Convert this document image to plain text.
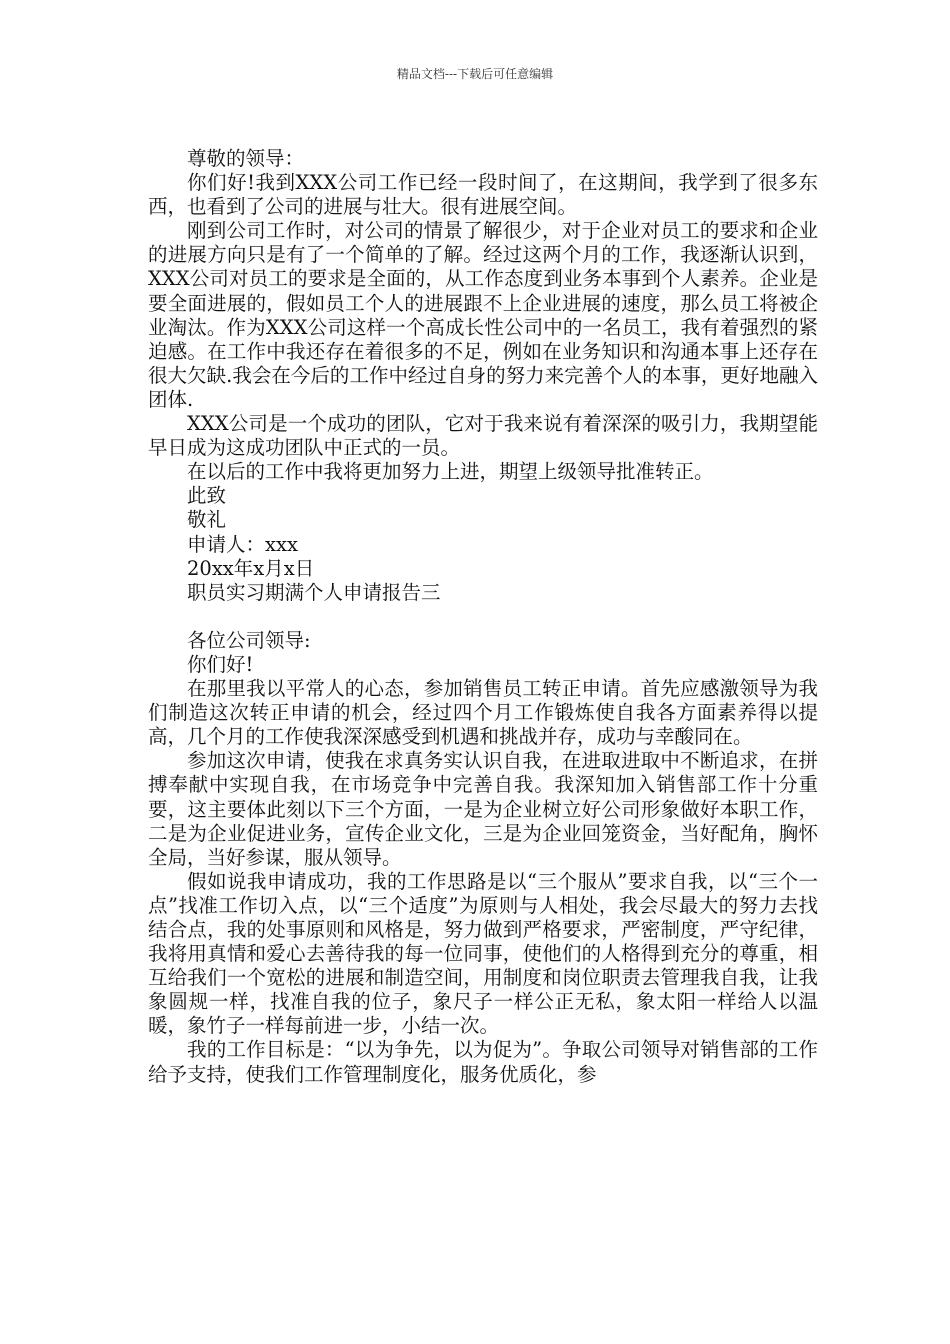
精品文档---下载后可任意编辑

尊敬的领导：

你们好!我到XXX公司工作已经一段时间了，在这期间，我学到了很多东西，也看到了公司的进展与壮大。很有进展空间。

刚到公司工作时，对公司的情景了解很少，对于企业对员工的要求和企业的进展方向只是有了一个简单的了解。经过这两个月的工作，我逐渐认识到，XXX公司对员工的要求是全面的，从工作态度到业务本事到个人素养。企业是要全面进展的，假如员工个人的进展跟不上企业进展的速度，那么员工将被企业淘汰。作为XXX公司这样一个高成长性公司中的一名员工，我有着强烈的紧迫感。在工作中我还存在着很多的不足，例如在业务知识和沟通本事上还存在很大欠缺.我会在今后的工作中经过自身的努力来完善个人的本事，更好地融入团体.

XXX公司是一个成功的团队，它对于我来说有着深深的吸引力，我期望能早日成为这成功团队中正式的一员。

在以后的工作中我将更加努力上进，期望上级领导批准转正。

此致

敬礼

申请人：xxx

20xx年x月x日

职员实习期满个人申请报告三

各位公司领导:

你们好!

在那里我以平常人的心态，参加销售员工转正申请。首先应感激领导为我们制造这次转正申请的机会，经过四个月工作锻炼使自我各方面素养得以提高，几个月的工作使我深深感受到机遇和挑战并存，成功与幸酸同在。

参加这次申请，使我在求真务实认识自我，在进取进取中不断追求，在拼搏奉献中实现自我，在市场竞争中完善自我。我深知加入销售部工作十分重要，这主要体此刻以下三个方面，一是为企业树立好公司形象做好本职工作，二是为企业促进业务，宣传企业文化，三是为企业回笼资金，当好配角，胸怀全局，当好参谋，服从领导。

假如说我申请成功，我的工作思路是以“三个服从”要求自我，以“三个一点”找准工作切入点，以“三个适度”为原则与人相处，我会尽最大的努力去找结合点，我的处事原则和风格是，努力做到严格要求，严密制度，严守纪律，我将用真情和爱心去善待我的每一位同事，使他们的人格得到充分的尊重，相互给我们一个宽松的进展和制造空间，用制度和岗位职责去管理我自我，让我象圆规一样，找准自我的位子，象尺子一样公正无私，象太阳一样给人以温暖，象竹子一样每前进一步，小结一次。

我的工作目标是：“以为争先，以为促为”。争取公司领导对销售部的工作给予支持，使我们工作管理制度化，服务优质化，参
